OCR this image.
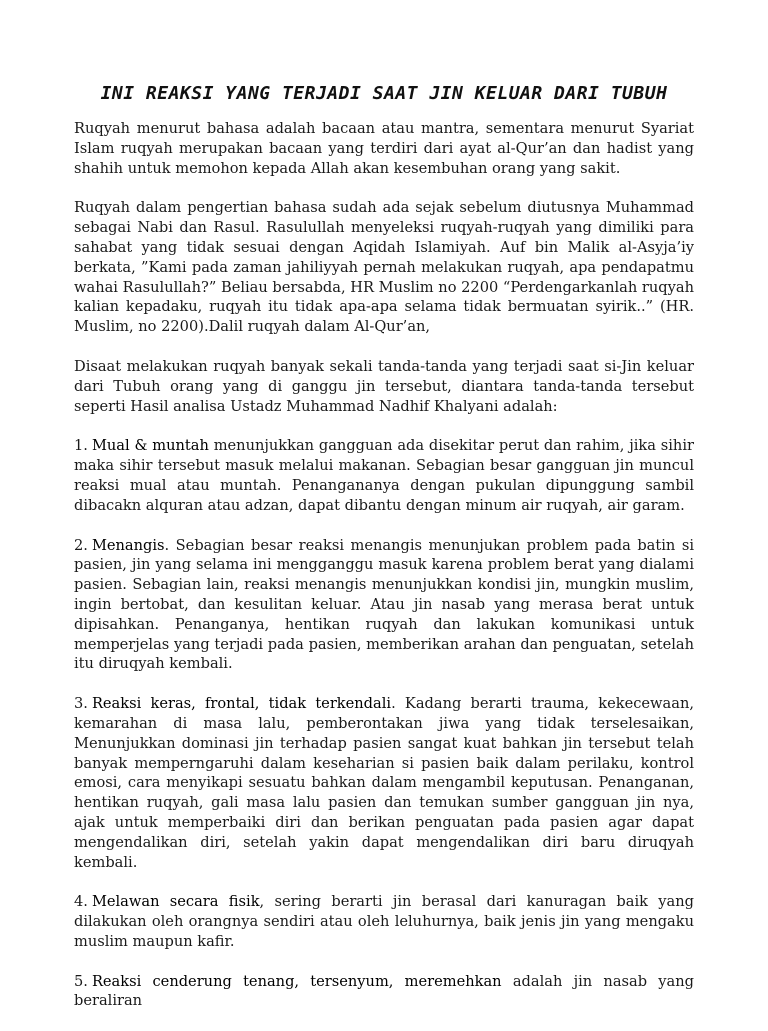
INI REAKSI YANG TERJADI SAAT JIN KELUAR DARI TUBUH

Ruqyah menurut bahasa adalah bacaan atau mantra, sementara menurut Syariat Islam ruqyah merupakan bacaan yang terdiri dari ayat al-Qur’an dan hadist yang shahih untuk memohon kepada Allah akan kesembuhan orang yang sakit.

Ruqyah dalam pengertian bahasa sudah ada sejak sebelum diutusnya Muhammad sebagai Nabi dan Rasul. Rasulullah menyeleksi ruqyah-ruqyah yang dimiliki para sahabat yang tidak sesuai dengan Aqidah Islamiyah. Auf bin Malik al-Asyja’iy berkata, ”Kami pada zaman jahiliyyah pernah melakukan ruqyah, apa pendapatmu wahai Rasulullah?” Beliau bersabda, HR Muslim no 2200 “Perdengarkanlah ruqyah kalian kepadaku, ruqyah itu tidak apa-apa selama tidak bermuatan syirik..” (HR. Muslim, no 2200).Dalil ruqyah dalam Al-Qur’an,

Disaat melakukan ruqyah banyak sekali tanda-tanda yang terjadi saat si-Jin keluar dari Tubuh orang yang di ganggu jin tersebut, diantara tanda-tanda tersebut seperti Hasil analisa Ustadz Muhammad Nadhif Khalyani adalah:

1. Mual & muntah menunjukkan gangguan ada disekitar perut dan rahim, jika sihir maka sihir tersebut masuk melalui makanan. Sebagian besar gangguan jin muncul reaksi mual atau muntah. Penangananya dengan pukulan dipunggung sambil dibacakn alquran atau adzan, dapat dibantu dengan minum air ruqyah, air garam.

2. Menangis. Sebagian besar reaksi menangis menunjukan problem pada batin si pasien, jin yang selama ini mengganggu masuk karena problem berat yang dialami pasien. Sebagian lain, reaksi menangis menunjukkan kondisi jin, mungkin muslim, ingin bertobat, dan kesulitan keluar. Atau jin nasab yang merasa berat untuk dipisahkan. Penanganya, hentikan ruqyah dan lakukan komunikasi untuk memperjelas yang terjadi pada pasien, memberikan arahan dan penguatan, setelah itu diruqyah kembali.

3. Reaksi keras, frontal, tidak terkendali. Kadang berarti trauma, kekecewaan, kemarahan di masa lalu, pemberontakan jiwa yang tidak terselesaikan, Menunjukkan dominasi jin terhadap pasien sangat kuat bahkan jin tersebut telah banyak memperngaruhi dalam keseharian si pasien baik dalam perilaku, kontrol emosi, cara menyikapi sesuatu bahkan dalam mengambil keputusan. Penanganan, hentikan ruqyah, gali masa lalu pasien dan temukan sumber gangguan jin nya, ajak untuk memperbaiki diri dan berikan penguatan pada pasien agar dapat mengendalikan diri, setelah yakin dapat mengendalikan diri baru diruqyah kembali.

4. Melawan secara fisik, sering berarti jin berasal dari kanuragan baik yang dilakukan oleh orangnya sendiri atau oleh leluhurnya, baik jenis jin yang mengaku muslim maupun kafir.

5. Reaksi cenderung tenang, tersenyum, meremehkan adalah jin nasab yang beraliran
